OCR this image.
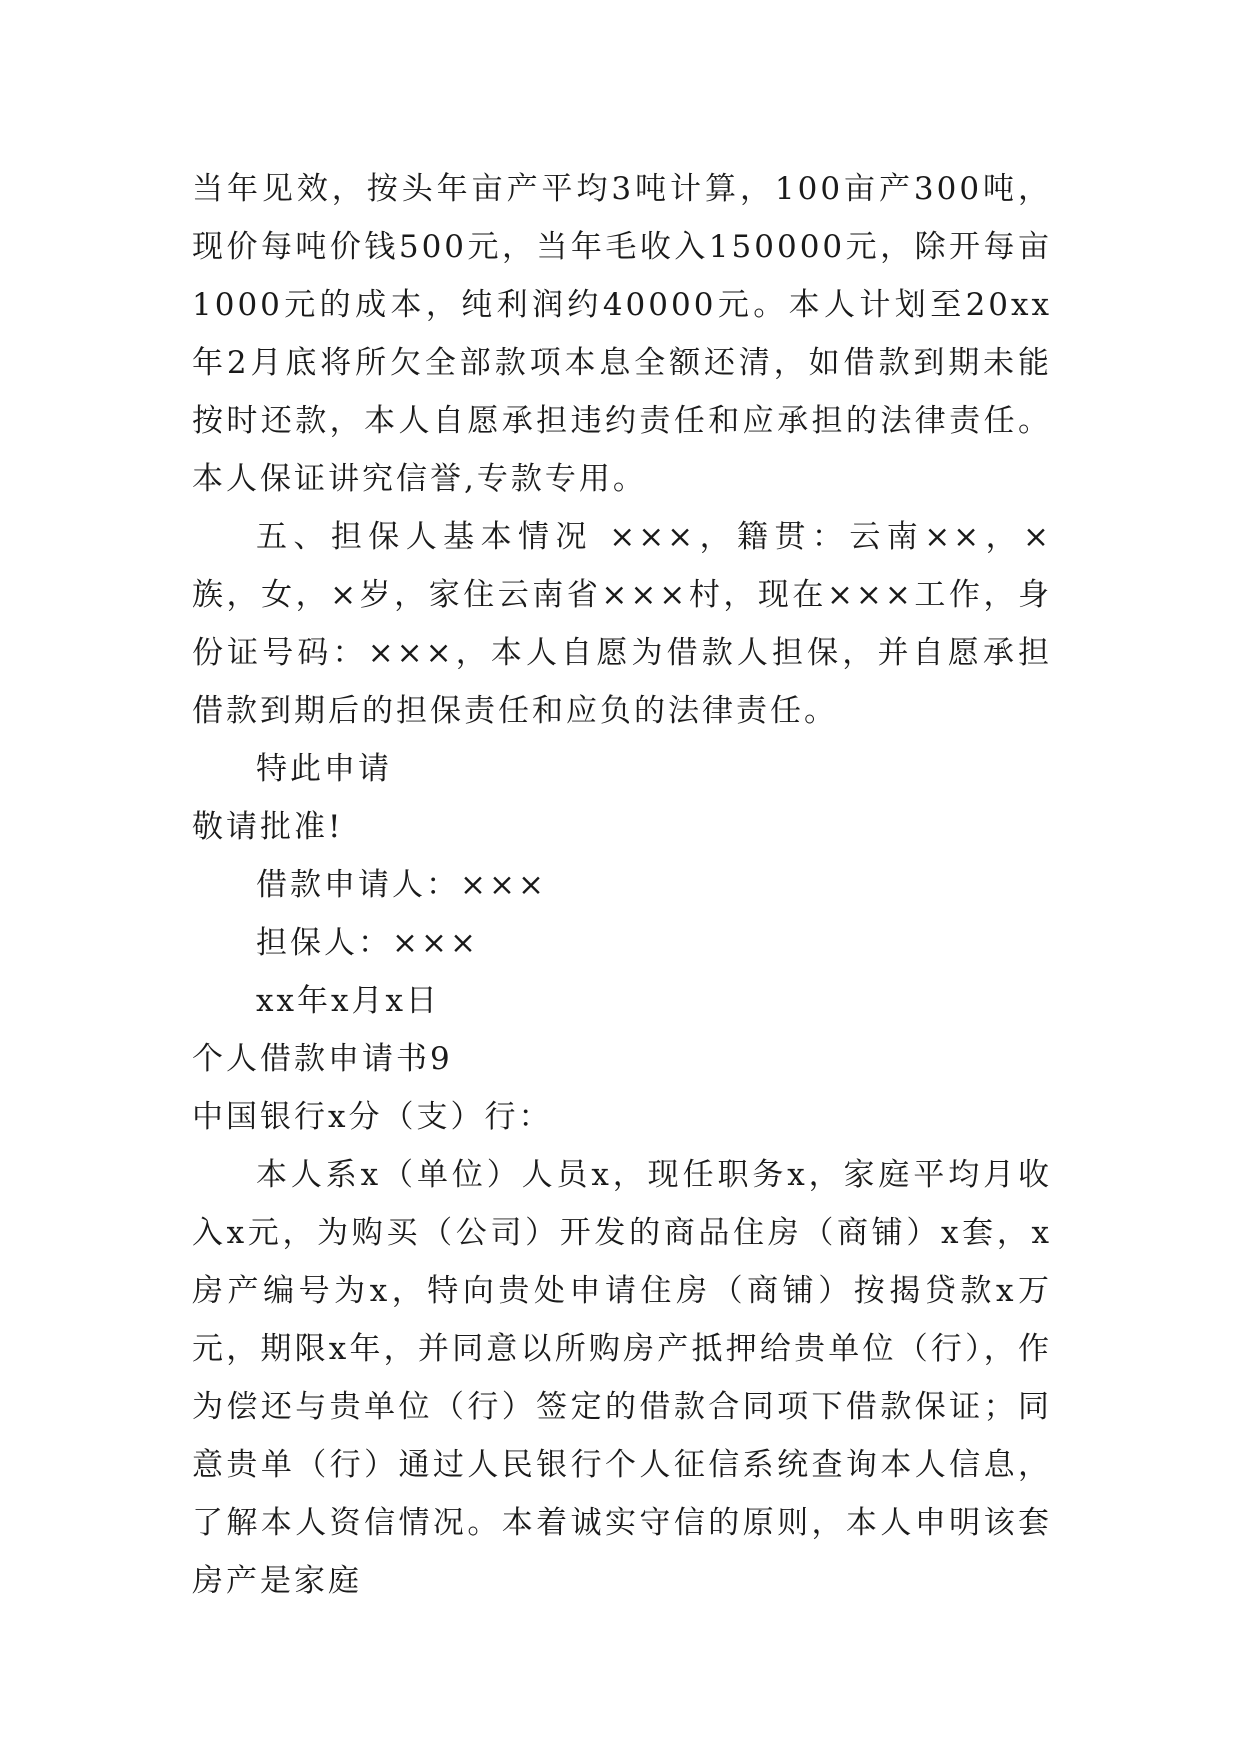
当年见效，按头年亩产平均3吨计算，100亩产300吨，现价每吨价钱500元，当年毛收入150000元，除开每亩1000元的成本，纯利润约40000元。本人计划至20xx年2月底将所欠全部款项本息全额还清，如借款到期未能按时还款，本人自愿承担违约责任和应承担的法律责任。本人保证讲究信誉,专款专用。

五、担保人基本情况 ×××，籍贯：云南××，×族，女，×岁，家住云南省×××村，现在×××工作，身份证号码：×××，本人自愿为借款人担保，并自愿承担借款到期后的担保责任和应负的法律责任。

特此申请

敬请批准!

借款申请人：×××

担保人：×××

xx年x月x日

个人借款申请书9

中国银行x分（支）行：

本人系x（单位）人员x，现任职务x，家庭平均月收入x元，为购买（公司）开发的商品住房（商铺）x套，x房产编号为x，特向贵处申请住房（商铺）按揭贷款x万元，期限x年，并同意以所购房产抵押给贵单位（行），作为偿还与贵单位（行）签定的借款合同项下借款保证；同意贵单（行）通过人民银行个人征信系统查询本人信息，了解本人资信情况。本着诚实守信的原则，本人申明该套房产是家庭
